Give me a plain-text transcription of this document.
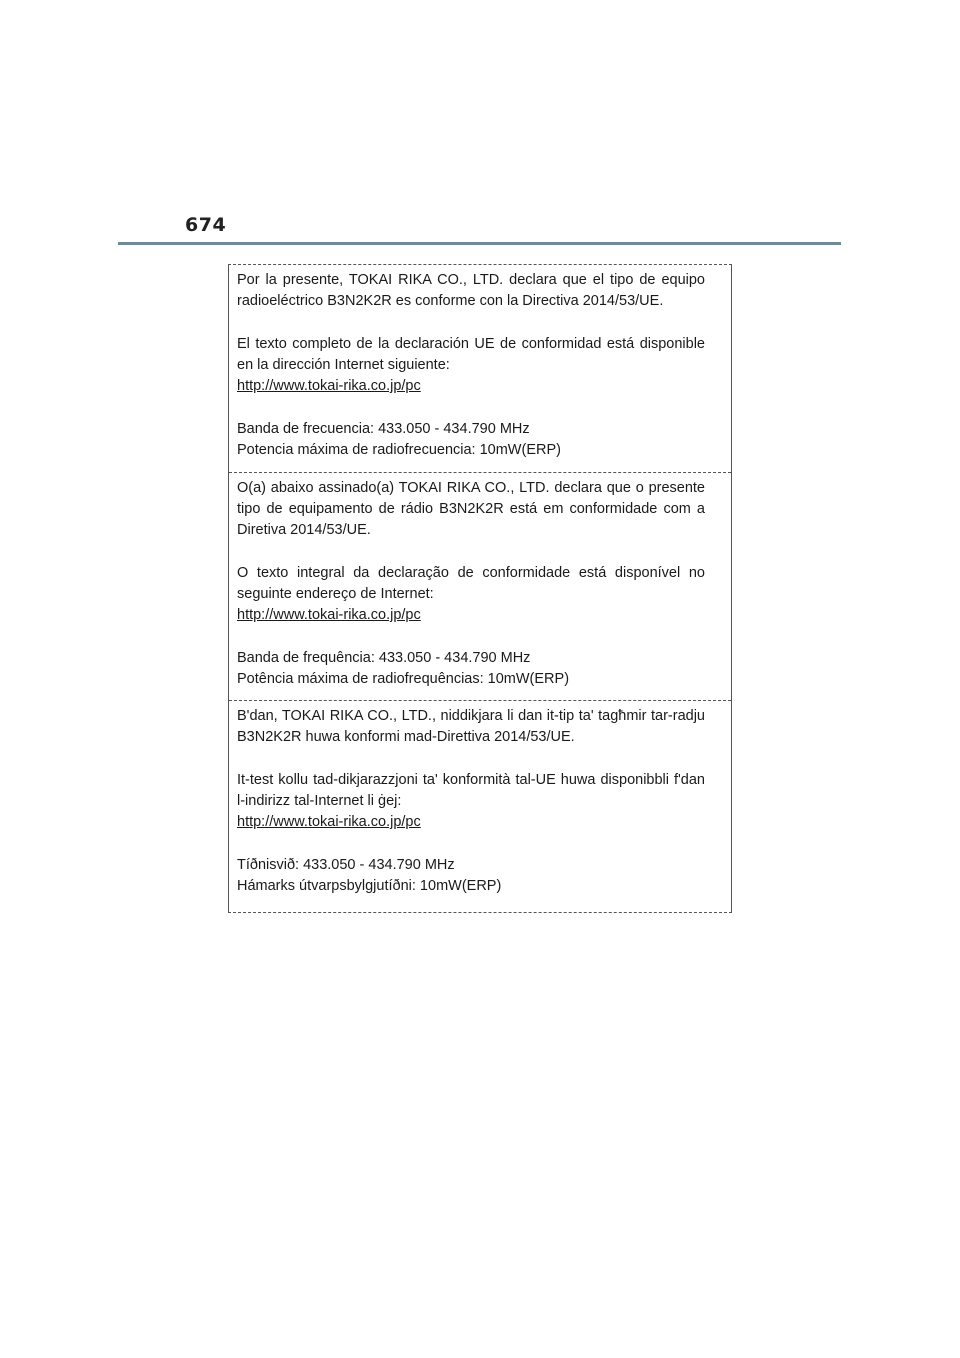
674

Por la presente, TOKAI RIKA CO., LTD. declara que el tipo de equipo radioeléctrico B3N2K2R es conforme con la Directiva 2014/53/UE.

El texto completo de la declaración UE de conformidad está disponible en la dirección Internet siguiente:

http://www.tokai-rika.co.jp/pc

Banda de frecuencia: 433.050 - 434.790 MHz

Potencia máxima de radiofrecuencia: 10mW(ERP)

O(a) abaixo assinado(a) TOKAI RIKA CO., LTD. declara que o presente tipo de equipamento de rádio B3N2K2R está em conformidade com a Diretiva 2014/53/UE.

O texto integral da declaração de conformidade está disponível no seguinte endereço de Internet:

http://www.tokai-rika.co.jp/pc

Banda de frequência: 433.050 - 434.790 MHz

Potência máxima de radiofrequências: 10mW(ERP)

B'dan, TOKAI RIKA CO., LTD., niddikjara li dan it-tip ta' tagħmir tar-radju B3N2K2R huwa konformi mad-Direttiva 2014/53/UE.

It-test kollu tad-dikjarazzjoni ta' konformità tal-UE huwa disponibbli f'dan l-indirizz tal-Internet li ġej:

http://www.tokai-rika.co.jp/pc

Tíðnisvið: 433.050 - 434.790 MHz

Hámarks útvarpsbylgjutíðni: 10mW(ERP)
